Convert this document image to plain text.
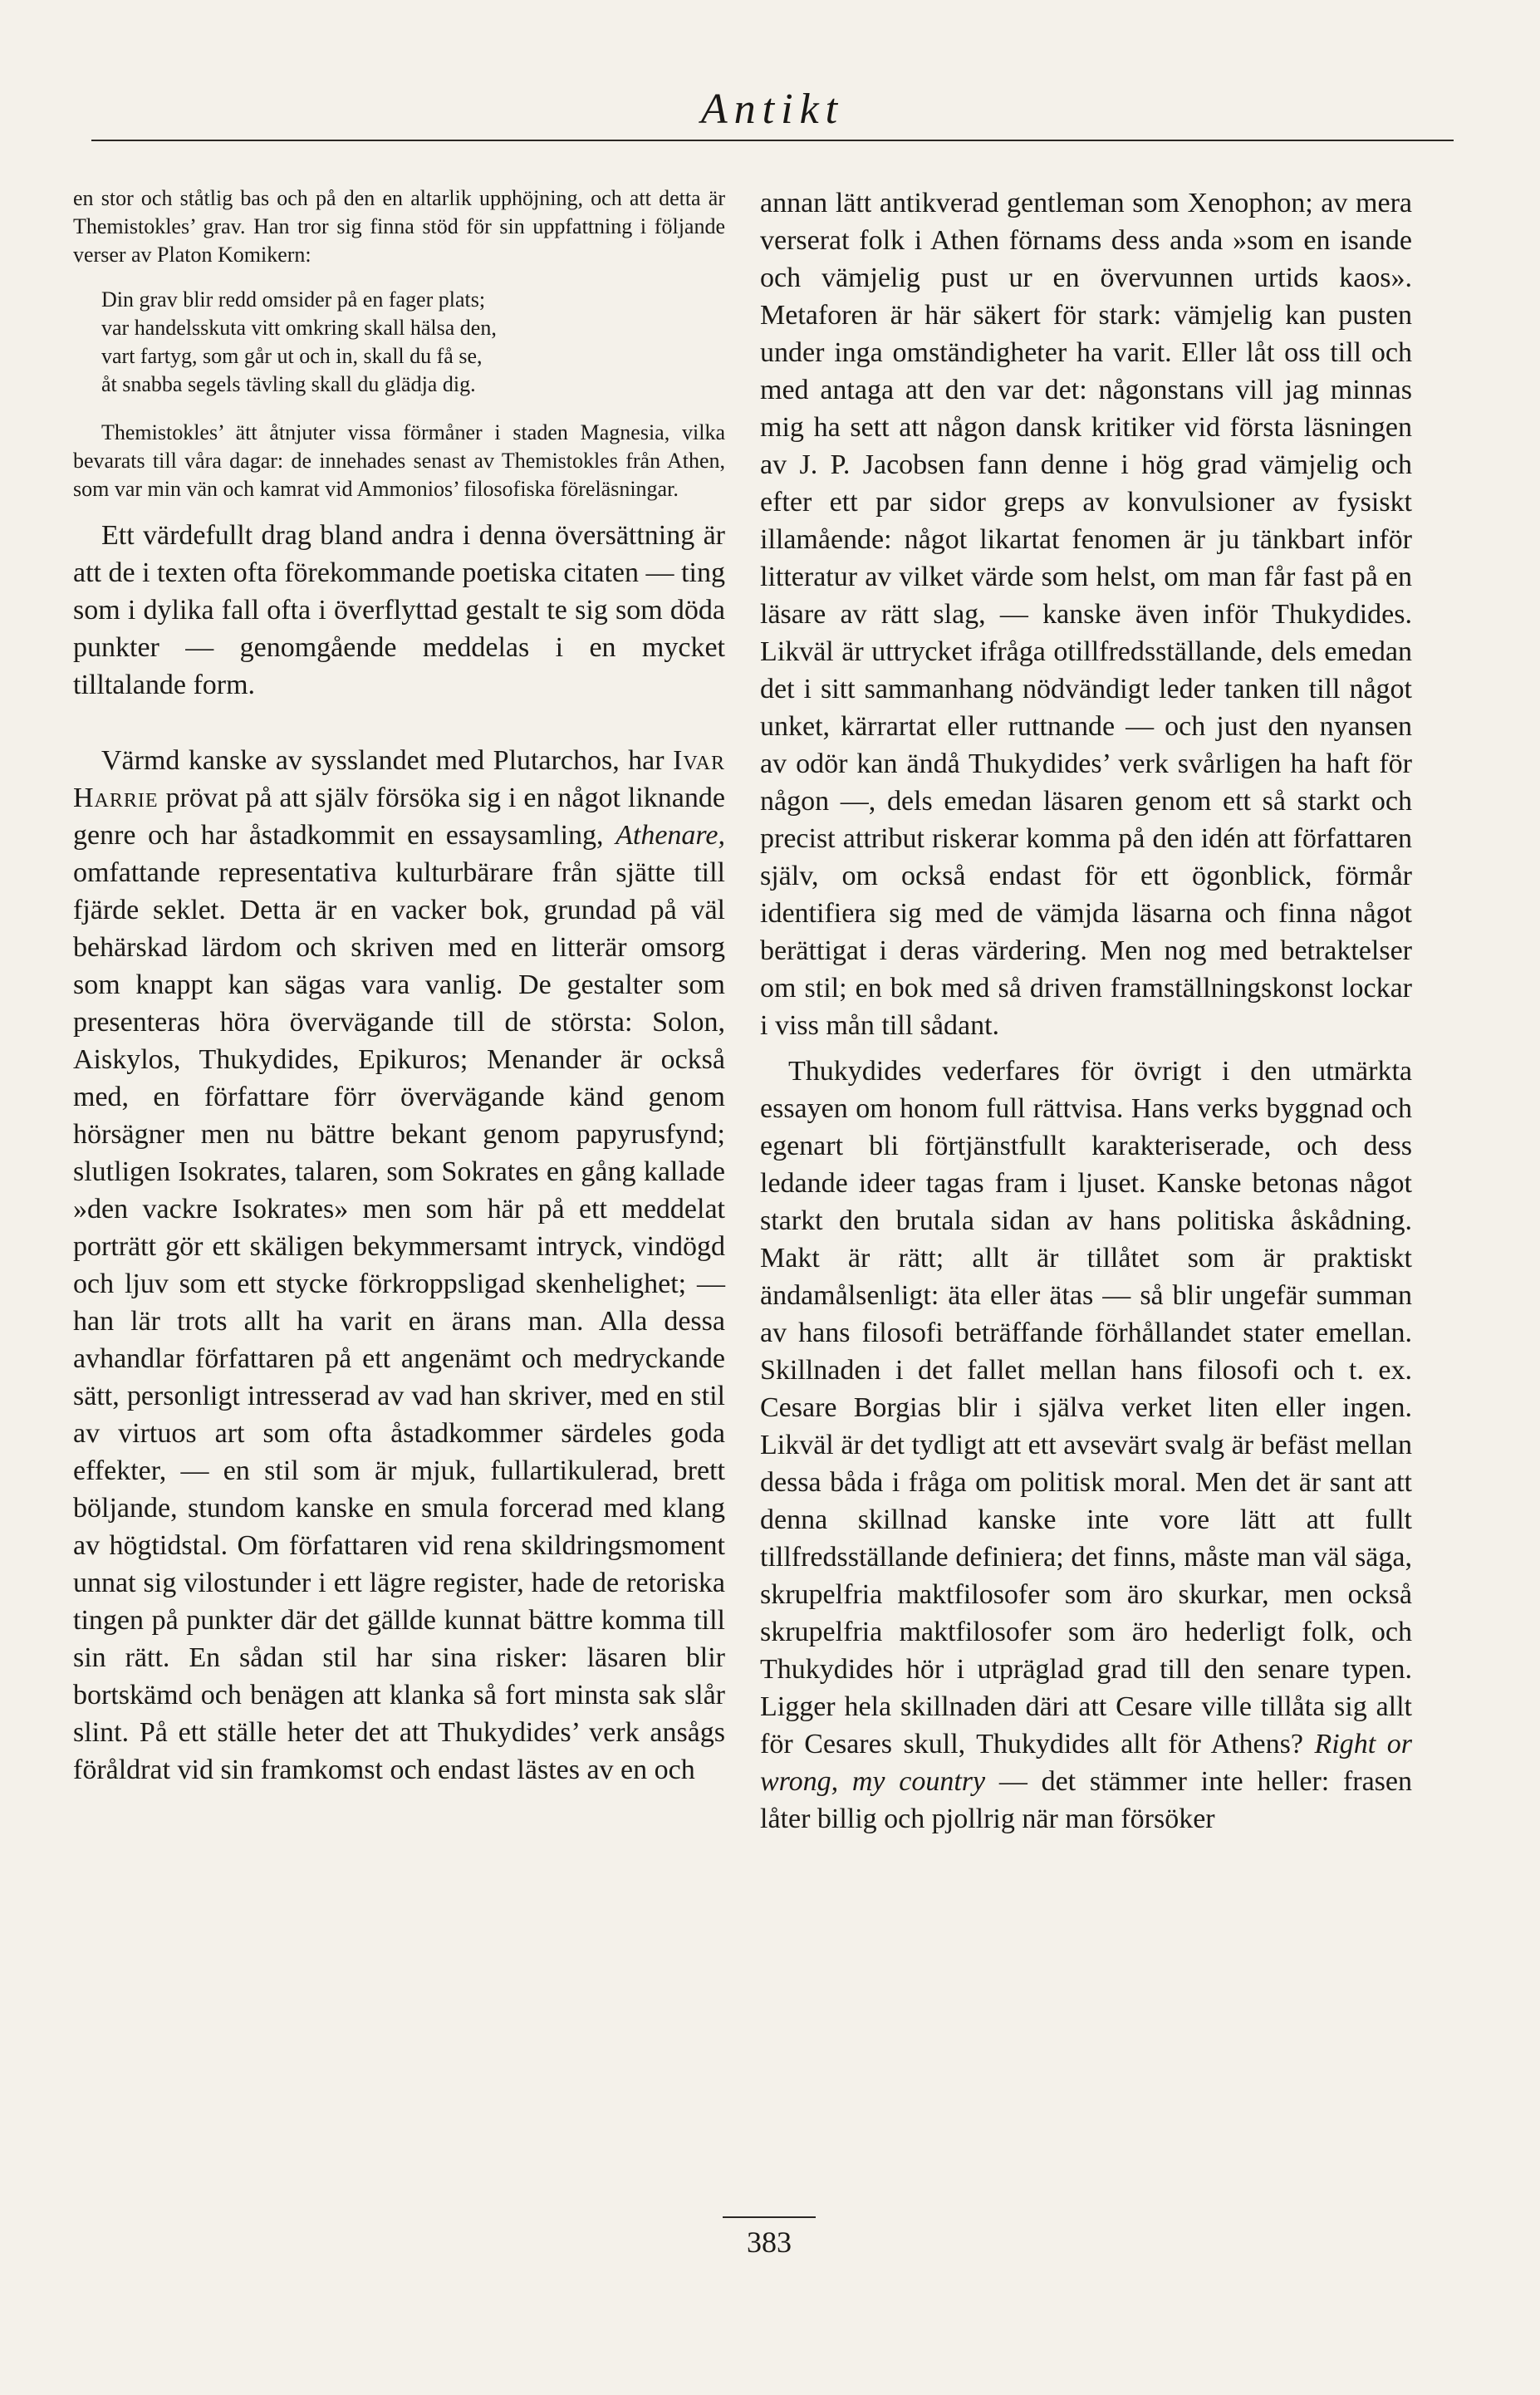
Antikt

en stor och ståtlig bas och på den en altarlik upphöjning, och att detta är Themistokles’ grav. Han tror sig finna stöd för sin uppfattning i följande verser av Platon Komikern:

Din grav blir redd omsider på en fager plats;
var handelsskuta vitt omkring skall hälsa den,
vart fartyg, som går ut och in, skall du få se,
åt snabba segels tävling skall du glädja dig.

Themistokles’ ätt åtnjuter vissa förmåner i staden Magnesia, vilka bevarats till våra dagar: de innehades senast av Themistokles från Athen, som var min vän och kamrat vid Ammonios’ filosofiska föreläsningar.

Ett värdefullt drag bland andra i denna översättning är att de i texten ofta förekommande poetiska citaten — ting som i dylika fall ofta i överflyttad gestalt te sig som döda punkter — genomgående meddelas i en mycket tilltalande form.

Värmd kanske av sysslandet med Plutarchos, har Ivar Harrie prövat på att själv försöka sig i en något liknande genre och har åstadkommit en essaysamling, Athenare, omfattande representativa kulturbärare från sjätte till fjärde seklet. Detta är en vacker bok, grundad på väl behärskad lärdom och skriven med en litterär omsorg som knappt kan sägas vara vanlig. De gestalter som presenteras höra övervägande till de största: Solon, Aiskylos, Thukydides, Epikuros; Menander är också med, en författare förr övervägande känd genom hörsägner men nu bättre bekant genom papyrusfynd; slutligen Isokrates, talaren, som Sokrates en gång kallade »den vackre Isokrates» men som här på ett meddelat porträtt gör ett skäligen bekymmersamt intryck, vindögd och ljuv som ett stycke förkroppsligad skenhelighet; — han lär trots allt ha varit en ärans man. Alla dessa avhandlar författaren på ett angenämt och medryckande sätt, personligt intresserad av vad han skriver, med en stil av virtuos art som ofta åstadkommer särdeles goda effekter, — en stil som är mjuk, fullartikulerad, brett böljande, stundom kanske en smula forcerad med klang av högtidstal. Om författaren vid rena skildringsmoment unnat sig vilostunder i ett lägre register, hade de retoriska tingen på punkter där det gällde kunnat bättre komma till sin rätt. En sådan stil har sina risker: läsaren blir bortskämd och benägen att klanka så fort minsta sak slår slint. På ett ställe heter det att Thukydides’ verk ansågs föråldrat vid sin framkomst och endast lästes av en och

annan lätt antikverad gentleman som Xenophon; av mera verserat folk i Athen förnams dess anda »som en isande och vämjelig pust ur en övervunnen urtids kaos». Metaforen är här säkert för stark: vämjelig kan pusten under inga omständigheter ha varit. Eller låt oss till och med antaga att den var det: någonstans vill jag minnas mig ha sett att någon dansk kritiker vid första läsningen av J. P. Jacobsen fann denne i hög grad vämjelig och efter ett par sidor greps av konvulsioner av fysiskt illamående: något likartat fenomen är ju tänkbart inför litteratur av vilket värde som helst, om man får fast på en läsare av rätt slag, — kanske även inför Thukydides. Likväl är uttrycket ifråga otillfredsställande, dels emedan det i sitt sammanhang nödvändigt leder tanken till något unket, kärrartat eller ruttnande — och just den nyansen av odör kan ändå Thukydides’ verk svårligen ha haft för någon —, dels emedan läsaren genom ett så starkt och precist attribut riskerar komma på den idén att författaren själv, om också endast för ett ögonblick, förmår identifiera sig med de vämjda läsarna och finna något berättigat i deras värdering. Men nog med betraktelser om stil; en bok med så driven framställningskonst lockar i viss mån till sådant.

Thukydides vederfares för övrigt i den utmärkta essayen om honom full rättvisa. Hans verks byggnad och egenart bli förtjänstfullt karakteriserade, och dess ledande ideer tagas fram i ljuset. Kanske betonas något starkt den brutala sidan av hans politiska åskådning. Makt är rätt; allt är tillåtet som är praktiskt ändamålsenligt: äta eller ätas — så blir ungefär summan av hans filosofi beträffande förhållandet stater emellan. Skillnaden i det fallet mellan hans filosofi och t. ex. Cesare Borgias blir i själva verket liten eller ingen. Likväl är det tydligt att ett avsevärt svalg är befäst mellan dessa båda i fråga om politisk moral. Men det är sant att denna skillnad kanske inte vore lätt att fullt tillfredsställande definiera; det finns, måste man väl säga, skrupelfria maktfilosofer som äro skurkar, men också skrupelfria maktfilosofer som äro hederligt folk, och Thukydides hör i utpräglad grad till den senare typen. Ligger hela skillnaden däri att Cesare ville tillåta sig allt för Cesares skull, Thukydides allt för Athens? Right or wrong, my country — det stämmer inte heller: frasen låter billig och pjollrig när man försöker

383
